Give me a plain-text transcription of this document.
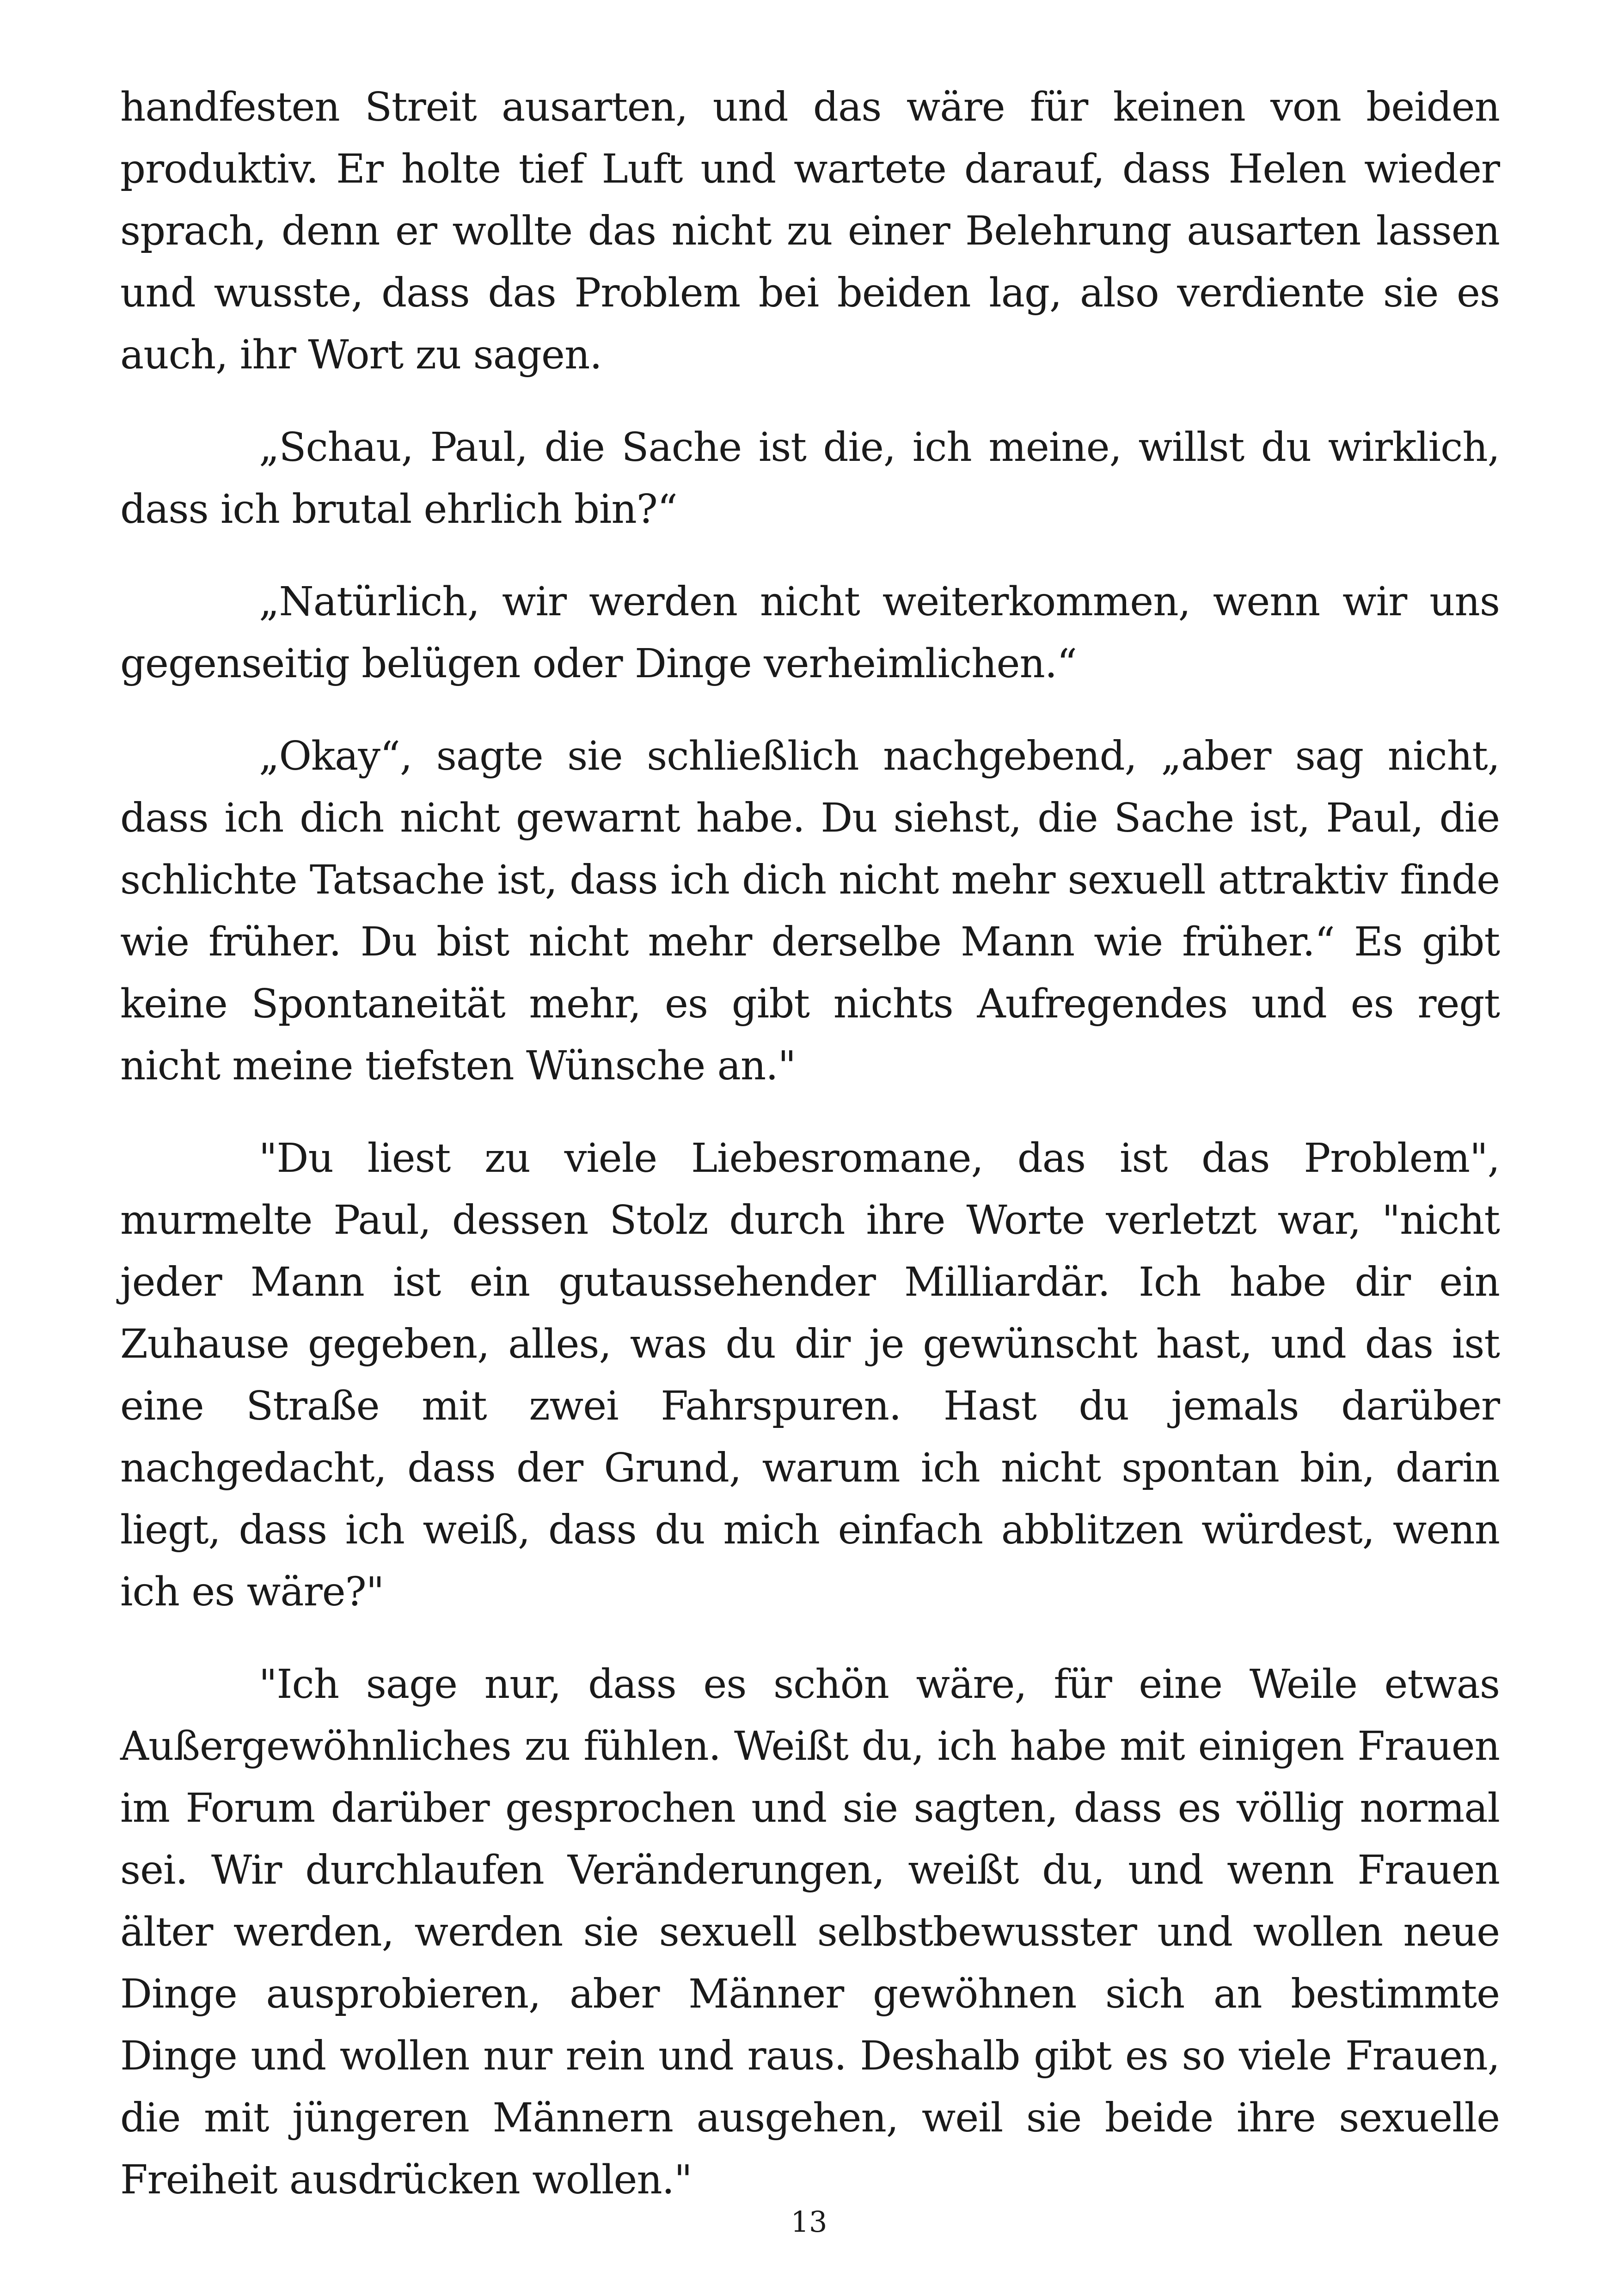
handfesten Streit ausarten, und das wäre für keinen von beiden produktiv. Er holte tief Luft und wartete darauf, dass Helen wieder sprach, denn er wollte das nicht zu einer Belehrung ausarten lassen und wusste, dass das Problem bei beiden lag, also verdiente sie es auch, ihr Wort zu sagen.

„Schau, Paul, die Sache ist die, ich meine, willst du wirklich, dass ich brutal ehrlich bin?“

„Natürlich, wir werden nicht weiterkommen, wenn wir uns gegenseitig belügen oder Dinge verheimlichen.“

„Okay“, sagte sie schließlich nachgebend, „aber sag nicht, dass ich dich nicht gewarnt habe. Du siehst, die Sache ist, Paul, die schlichte Tatsache ist, dass ich dich nicht mehr sexuell attraktiv finde wie früher. Du bist nicht mehr derselbe Mann wie früher.“ Es gibt keine Spontaneität mehr, es gibt nichts Aufregendes und es regt nicht meine tiefsten Wünsche an."

"Du liest zu viele Liebesromane, das ist das Problem", murmelte Paul, dessen Stolz durch ihre Worte verletzt war, "nicht jeder Mann ist ein gutaussehender Milliardär. Ich habe dir ein Zuhause gegeben, alles, was du dir je gewünscht hast, und das ist eine Straße mit zwei Fahrspuren. Hast du jemals darüber nachgedacht, dass der Grund, warum ich nicht spontan bin, darin liegt, dass ich weiß, dass du mich einfach abblitzen würdest, wenn ich es wäre?"

"Ich sage nur, dass es schön wäre, für eine Weile etwas Außergewöhnliches zu fühlen. Weißt du, ich habe mit einigen Frauen im Forum darüber gesprochen und sie sagten, dass es völlig normal sei. Wir durchlaufen Veränderungen, weißt du, und wenn Frauen älter werden, werden sie sexuell selbstbewusster und wollen neue Dinge ausprobieren, aber Männer gewöhnen sich an bestimmte Dinge und wollen nur rein und raus. Deshalb gibt es so viele Frauen, die mit jüngeren Männern ausgehen, weil sie beide ihre sexuelle Freiheit ausdrücken wollen."

13
